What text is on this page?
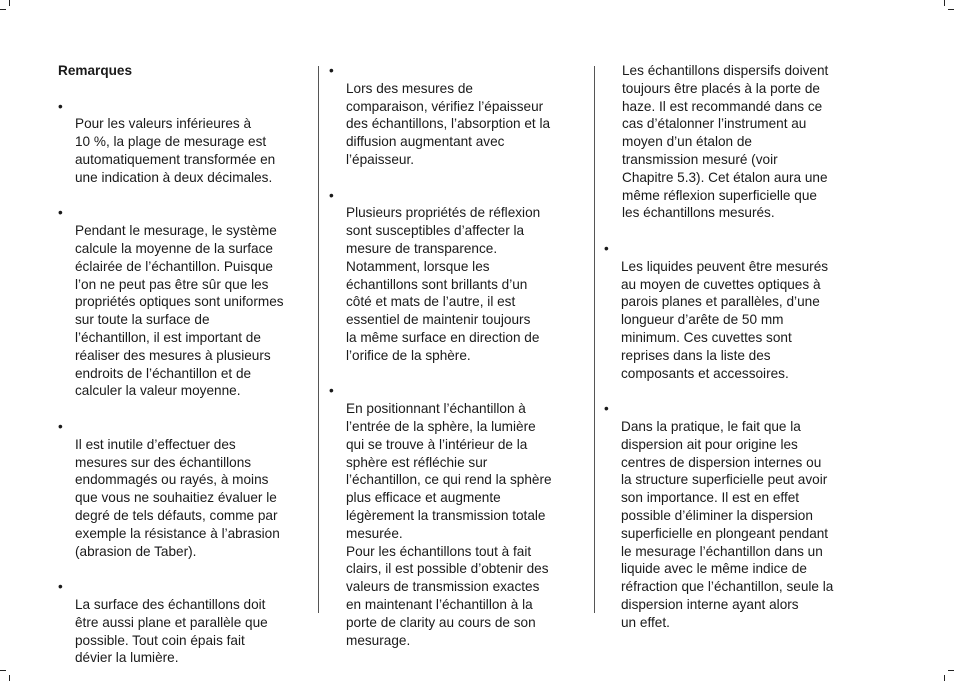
Remarques

•
Pour les valeurs inférieures à
10 %, la plage de mesurage est
automatiquement transformée en
une indication à deux décimales.

•
Pendant le mesurage, le système
calcule la moyenne de la surface
éclairée de l’échantillon. Puisque
l’on ne peut pas être sûr que les
propriétés optiques sont uniformes
sur toute la surface de
l’échantillon, il est important de
réaliser des mesures à plusieurs
endroits de l’échantillon et de
calculer la valeur moyenne.

•
Il est inutile d’effectuer des
mesures sur des échantillons
endommagés ou rayés, à moins
que vous ne souhaitiez évaluer le
degré de tels défauts, comme par
exemple la résistance à l’abrasion
(abrasion de Taber).

•
La surface des échantillons doit
être aussi plane et parallèle que
possible. Tout coin épais fait
dévier la lumière.

•
Lors des mesures de
comparaison, vérifiez l’épaisseur
des échantillons, l’absorption et la
diffusion augmentant avec
l’épaisseur.

•
Plusieurs propriétés de réflexion
sont susceptibles d’affecter la
mesure de transparence.
Notamment, lorsque les
échantillons sont brillants d’un
côté et mats de l’autre, il est
essentiel de maintenir toujours
la même surface en direction de
l’orifice de la sphère.

•
En positionnant l’échantillon à
l’entrée de la sphère, la lumière
qui se trouve à l’intérieur de la
sphère est réfléchie sur
l’échantillon, ce qui rend la sphère
plus efficace et augmente
légèrement la transmission totale
mesurée.
Pour les échantillons tout à fait
clairs, il est possible d’obtenir des
valeurs de transmission exactes
en maintenant l’échantillon à la
porte de clarity au cours de son
mesurage.

Les échantillons dispersifs doivent
toujours être placés à la porte de
haze. Il est recommandé dans ce
cas d’étalonner l’instrument au
moyen d’un étalon de
transmission mesuré (voir
Chapitre 5.3). Cet étalon aura une
même réflexion superficielle que
les échantillons mesurés.

•
Les liquides peuvent être mesurés
au moyen de cuvettes optiques à
parois planes et parallèles, d’une
longueur d’arête de 50 mm
minimum. Ces cuvettes sont
reprises dans la liste des
composants et accessoires.

•
Dans la pratique, le fait que la
dispersion ait pour origine les
centres de dispersion internes ou
la structure superficielle peut avoir
son importance. Il est en effet
possible d’éliminer la dispersion
superficielle en plongeant pendant
le mesurage l’échantillon dans un
liquide avec le même indice de
réfraction que l’échantillon, seule la
dispersion interne ayant alors
un effet.
